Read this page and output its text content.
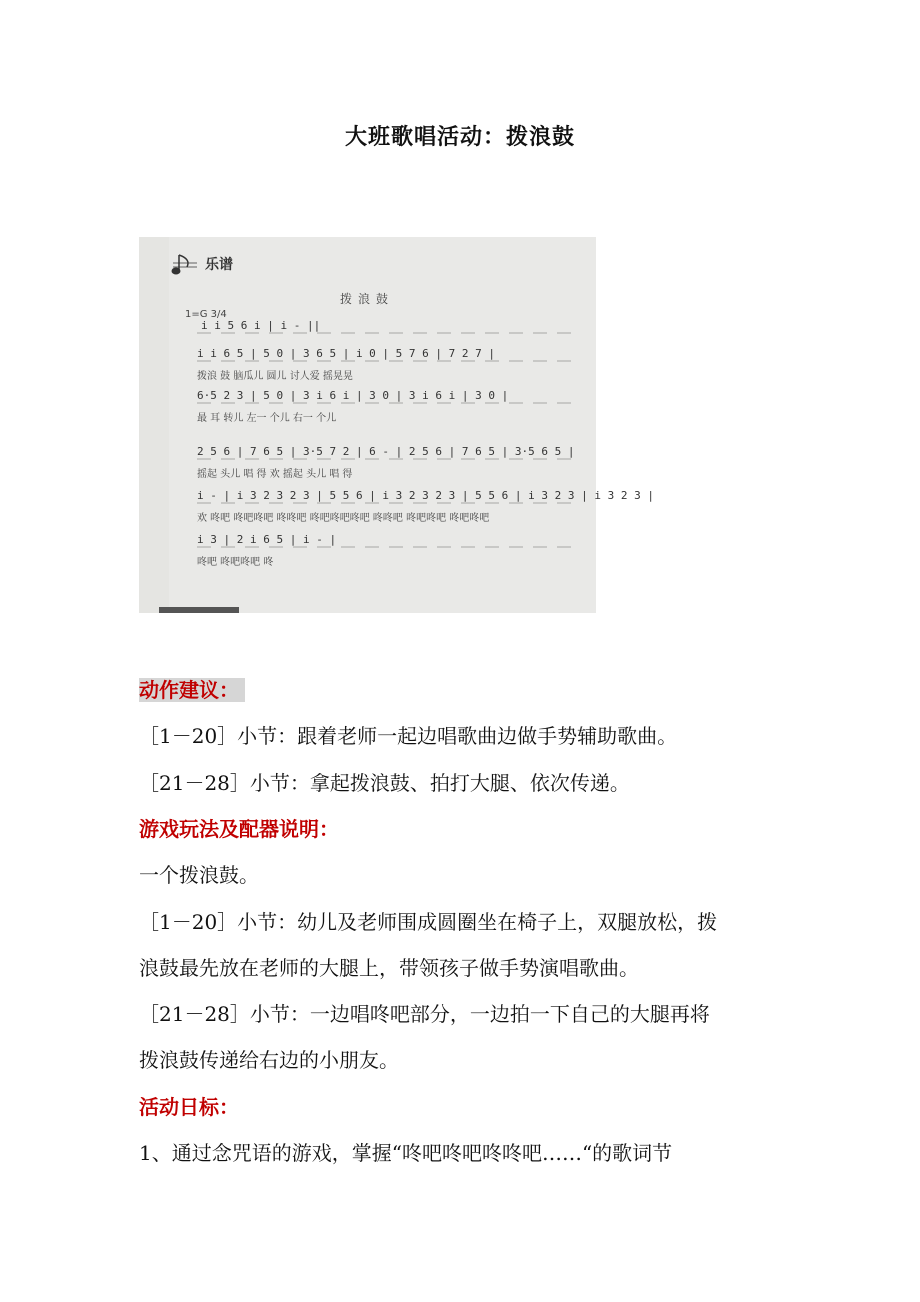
大班歌唱活动：拨浪鼓
乐谱
拨浪鼓
1=G 3/4
i i 5 6 i | i - ||
i i 6 5 | 5 0 | 3 6 5 | i 0 | 5 7 6 | 7 2 7 |
拨浪 鼓 脑瓜儿 圆儿 讨人爱 摇晃晃
6·5 2 3 | 5 0 | 3 i 6 i | 3 0 | 3 i 6 i | 3 0 |
最 耳 转儿 左一 个儿 右一 个儿
2 5 6 | 7 6 5 | 3·5 7 2 | 6 - | 2 5 6 | 7 6 5 | 3·5 6 5 |
摇起 头儿 唱 得 欢 摇起 头儿 唱 得
i - | i 3 2 3 2 3 | 5 5 6 | i 3 2 3 2 3 | 5 5 6 | i 3 2 3 | i 3 2 3 |
欢 咚吧 咚吧咚吧 咚咚吧 咚吧咚吧咚吧 咚咚吧 咚吧咚吧 咚吧咚吧
i 3 | 2 i 6 5 | i - |
咚吧 咚吧咚吧 咚
动作建议：
［1－20］小节：跟着老师一起边唱歌曲边做手势辅助歌曲。
［21－28］小节：拿起拨浪鼓、拍打大腿、依次传递。
游戏玩法及配器说明：
一个拨浪鼓。
［1－20］小节：幼儿及老师围成圆圈坐在椅子上，双腿放松，拨
浪鼓最先放在老师的大腿上，带领孩子做手势演唱歌曲。
［21－28］小节：一边唱咚吧部分，一边拍一下自己的大腿再将
拨浪鼓传递给右边的小朋友。
活动日标：
1、通过念咒语的游戏，掌握“咚吧咚吧咚咚吧……“的歌词节
